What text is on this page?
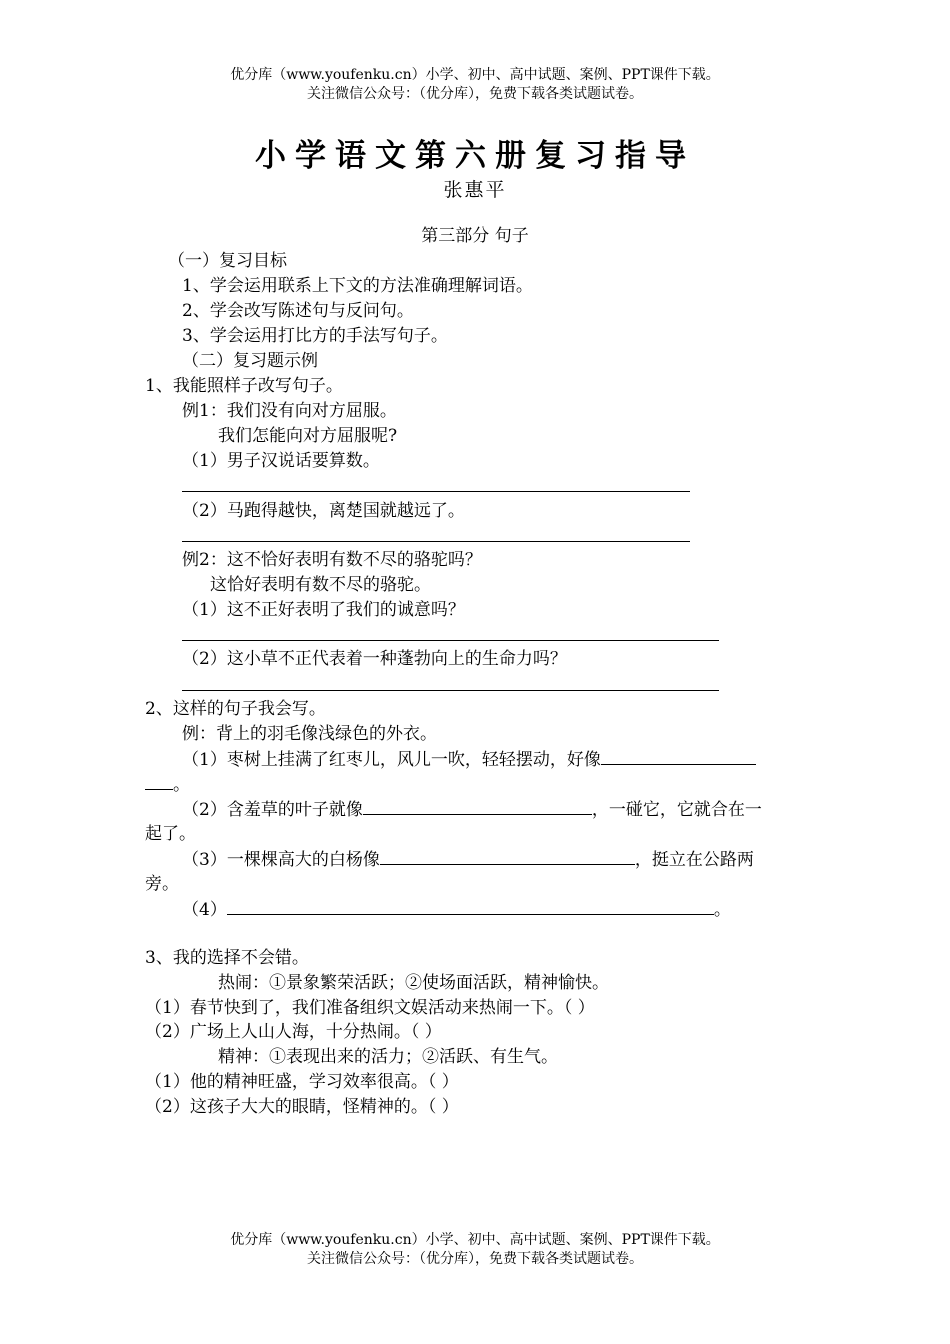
优分库（www.youfenku.cn）小学、初中、高中试题、案例、PPT课件下载。
关注微信公众号：（优分库），免费下载各类试题试卷。
小学语文第六册复习指导
张惠平
第三部分 句子
（一）复习目标
1、学会运用联系上下文的方法准确理解词语。
2、学会改写陈述句与反问句。
3、学会运用打比方的手法写句子。
（二）复习题示例
1、我能照样子改写句子。
例1：我们没有向对方屈服。
我们怎能向对方屈服呢?
（1）男子汉说话要算数。
（2）马跑得越快，离楚国就越远了。
例2：这不恰好表明有数不尽的骆驼吗？
这恰好表明有数不尽的骆驼。
（1）这不正好表明了我们的诚意吗？
（2）这小草不正代表着一种蓬勃向上的生命力吗？
2、这样的句子我会写。
例：背上的羽毛像浅绿色的外衣。
（1）枣树上挂满了红枣儿，风儿一吹，轻轻摆动，好像
。
（2）含羞草的叶子就像	，一碰它，它就合在一
起了。
（3）一棵棵高大的白杨像	，挺立在公路两
旁。
（4）	。
3、我的选择不会错。
热闹：①景象繁荣活跃；②使场面活跃，精神愉快。
（1）春节快到了，我们准备组织文娱活动来热闹一下。（ ）
（2）广场上人山人海，十分热闹。（ ）
精神：①表现出来的活力；②活跃、有生气。
（1）他的精神旺盛，学习效率很高。（ ）
（2）这孩子大大的眼睛，怪精神的。（ ）
优分库（www.youfenku.cn）小学、初中、高中试题、案例、PPT课件下载。
关注微信公众号：（优分库），免费下载各类试题试卷。
